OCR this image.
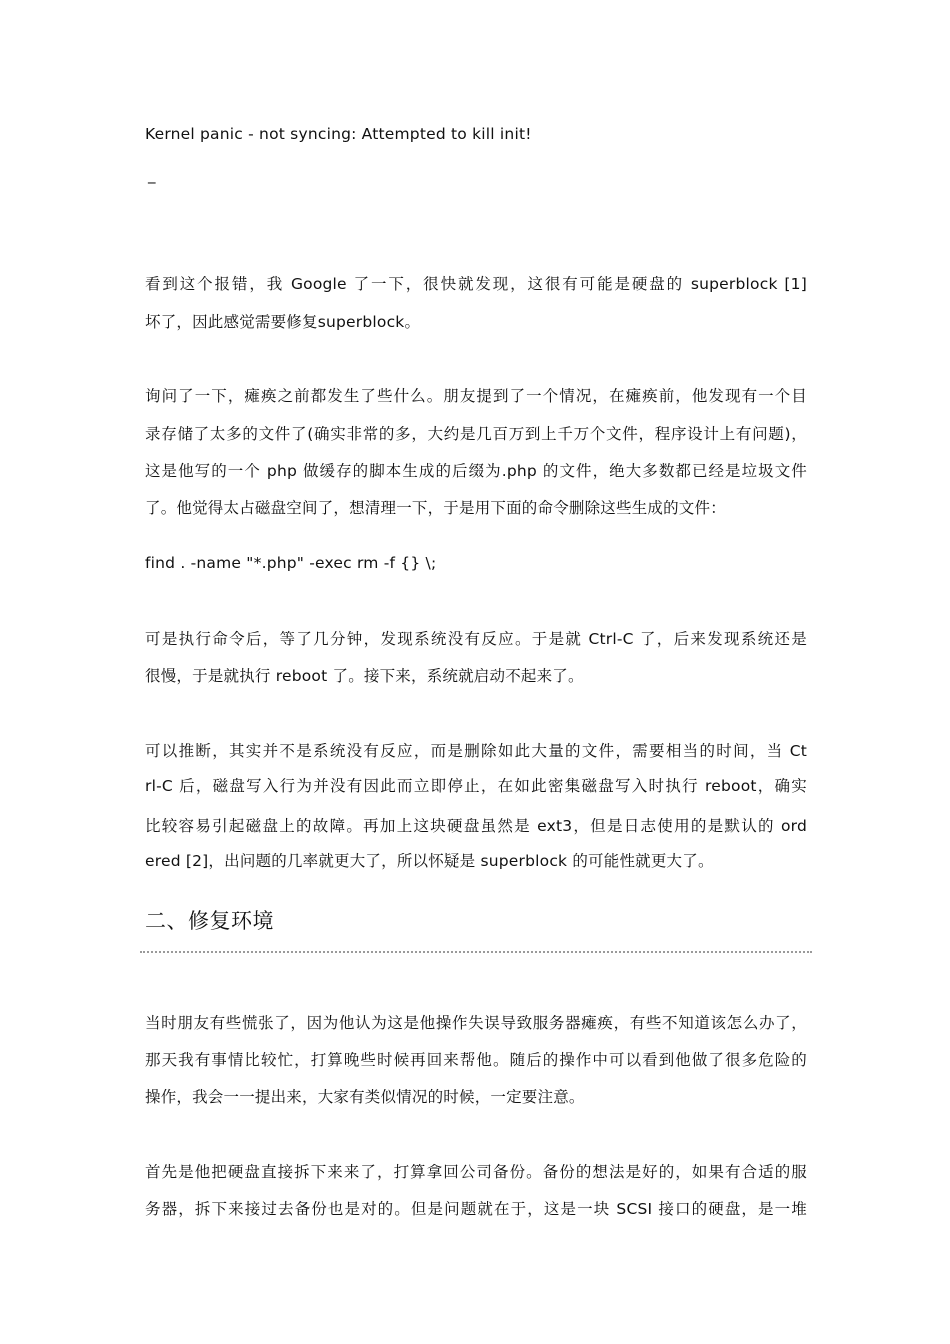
Kernel panic - not syncing: Attempted to kill init!
_
看到这个报错，我 Google 了一下，很快就发现，这很有可能是硬盘的 superblock [1]
坏了，因此感觉需要修复superblock。
询问了一下，瘫痪之前都发生了些什么。朋友提到了一个情况，在瘫痪前，他发现有一个目
录存储了太多的文件了(确实非常的多，大约是几百万到上千万个文件，程序设计上有问题)，
这是他写的一个 php 做缓存的脚本生成的后缀为.php 的文件，绝大多数都已经是垃圾文件
了。他觉得太占磁盘空间了，想清理一下，于是用下面的命令删除这些生成的文件：
find . -name "*.php" -exec rm -f {} \;
可是执行命令后，等了几分钟，发现系统没有反应。于是就 Ctrl-C 了，后来发现系统还是
很慢，于是就执行 reboot 了。接下来，系统就启动不起来了。
可以推断，其实并不是系统没有反应，而是删除如此大量的文件，需要相当的时间，当 Ct
rl-C 后，磁盘写入行为并没有因此而立即停止，在如此密集磁盘写入时执行 reboot，确实
比较容易引起磁盘上的故障。再加上这块硬盘虽然是 ext3，但是日志使用的是默认的 ord
ered [2]，出问题的几率就更大了，所以怀疑是 superblock 的可能性就更大了。
二、修复环境
当时朋友有些慌张了，因为他认为这是他操作失误导致服务器瘫痪，有些不知道该怎么办了，
那天我有事情比较忙，打算晚些时候再回来帮他。随后的操作中可以看到他做了很多危险的
操作，我会一一提出来，大家有类似情况的时候，一定要注意。
首先是他把硬盘直接拆下来来了，打算拿回公司备份。备份的想法是好的，如果有合适的服
务器，拆下来接过去备份也是对的。但是问题就在于，这是一块 SCSI 接口的硬盘，是一堆
